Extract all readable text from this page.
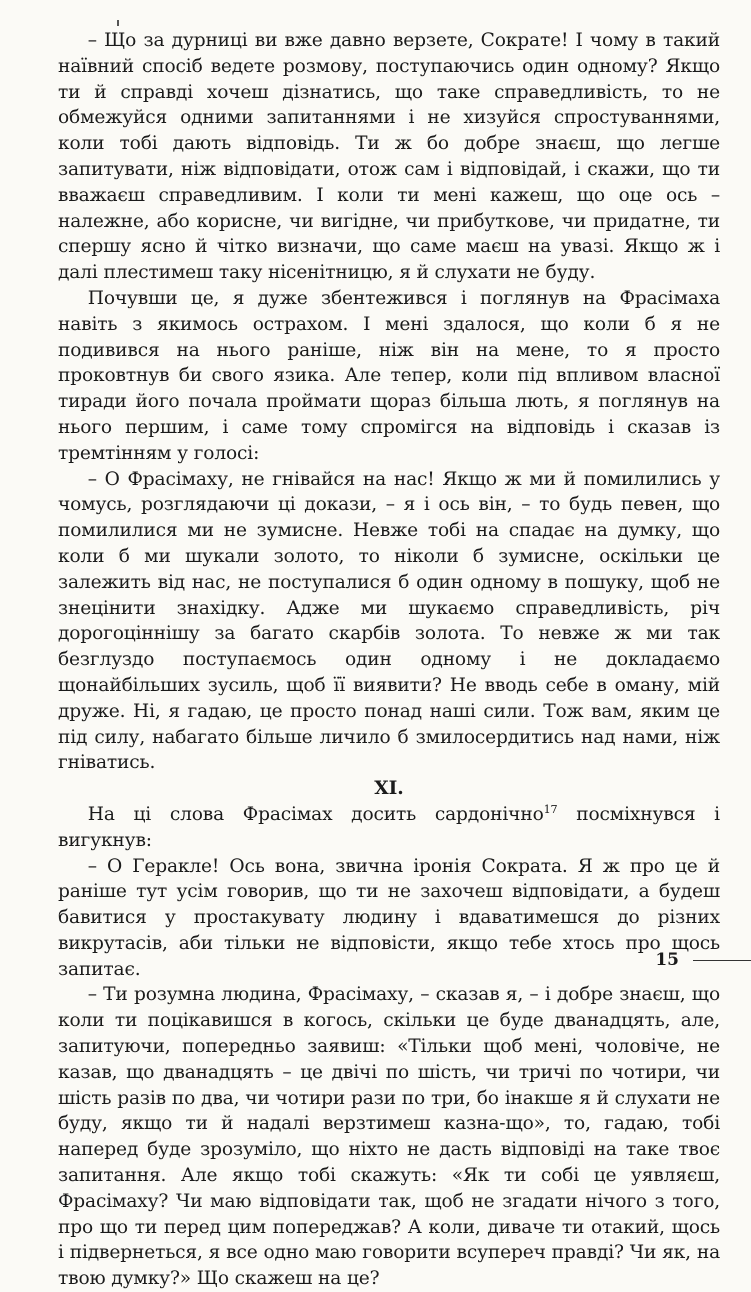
– Що за дурниці ви вже давно верзете, Сократе! І чому в такий наївний спосіб ведете розмову, поступаючись один одному? Якщо ти й справді хочеш дізнатись, що таке справедливість, то не обмежуйся одними запитаннями і не хизуйся спростуваннями, коли тобі дають відповідь. Ти ж бо добре знаєш, що легше запитувати, ніж відповідати, отож сам і відповідай, і скажи, що ти вважаєш справедливим. І коли ти мені кажеш, що оце ось – належне, або корисне, чи вигідне, чи прибуткове, чи придатне, ти спершу ясно й чітко визначи, що саме маєш на увазі. Якщо ж і далі плестимеш таку нісенітницю, я й слухати не буду.

Почувши це, я дуже збентежився і поглянув на Фрасімаха навіть з якимось острахом. І мені здалося, що коли б я не подивився на нього раніше, ніж він на мене, то я просто проковтнув би свого язика. Але тепер, коли під впливом власної тиради його почала проймати щораз більша лють, я поглянув на нього першим, і саме тому спромігся на відповідь і сказав із тремтінням у голосі:

– О Фрасімаху, не гнівайся на нас! Якщо ж ми й помилились у чомусь, розглядаючи ці докази, – я і ось він, – то будь певен, що помилилися ми не зумисне. Невже тобі на спадає на думку, що коли б ми шукали золото, то ніколи б зумисне, оскільки це залежить від нас, не поступалися б один одному в пошуку, щоб не знецінити знахідку. Адже ми шукаємо справедливість, річ дорогоціннішу за багато скарбів золота. То невже ж ми так безглуздо поступаємось один одному і не докладаємо щонайбільших зусиль, щоб її виявити? Не вводь себе в оману, мій друже. Ні, я гадаю, це просто понад наші сили. Тож вам, яким це під силу, набагато більше личило б змилосердитись над нами, ніж гніватись.

XI.

На ці слова Фрасімах досить сардонічно$^{17}$ посміхнувся і вигукнув:

– О Геракле! Ось вона, звична іронія Сократа. Я ж про це й раніше тут усім говорив, що ти не захочеш відповідати, а будеш бавитися у простакувату людину і вдаватимешся до різних викрутасів, аби тільки не відповісти, якщо тебе хтось про щось запитає.

– Ти розумна людина, Фрасімаху, – сказав я, – і добре знаєш, що коли ти поцікавишся в когось, скільки це буде дванадцять, але, запитуючи, попередньо заявиш: «Тільки щоб мені, чоловіче, не казав, що дванадцять – це двічі по шість, чи тричі по чотири, чи шість разів по два, чи чотири рази по три, бо інакше я й слухати не буду, якщо ти й надалі верзтимеш казна-що», то, гадаю, тобі наперед буде зрозуміло, що ніхто не дасть відповіді на таке твоє запитання. Але якщо тобі скажуть: «Як ти собі це уявляєш, Фрасімаху? Чи маю відповідати так, щоб не згадати нічого з того, про що ти перед цим попереджав? А коли, диваче ти отакий, щось і підвернеться, я все одно маю говорити всупереч правді? Чи як, на твою думку?» Що скажеш на це?

15
